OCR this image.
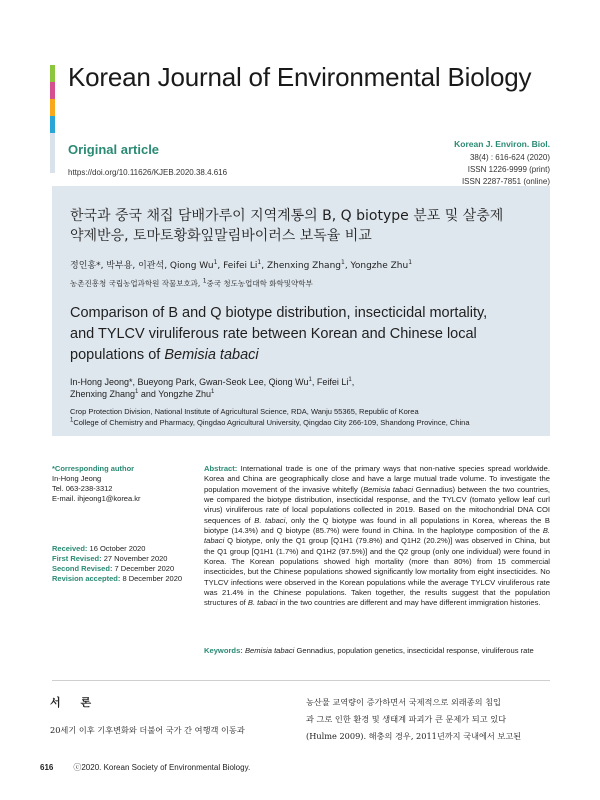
Korean Journal of Environmental Biology
Original article
https://doi.org/10.11626/KJEB.2020.38.4.616
Korean J. Environ. Biol.
38(4) : 616-624 (2020)
ISSN 1226-9999 (print)
ISSN 2287-7851 (online)
한국과 중국 채집 담배가루이 지역계통의 B, Q biotype 분포 및 살충제
약제반응, 토마토황화잎말림바이러스 보독율 비교
정인홍*, 박부용, 이관석, Qiong Wu$^1$, Feifei Li$^1$, Zhenxing Zhang$^1$, Yongzhe Zhu$^1$
농촌진흥청 국립농업과학원 작물보호과, $^1$중국 청도농업대학 화학및약학부
Comparison of B and Q biotype distribution, insecticidal mortality,
and TYLCV viruliferous rate between Korean and Chinese local
populations of Bemisia tabaci
In-Hong Jeong*, Bueyong Park, Gwan-Seok Lee, Qiong Wu$^1$, Feifei Li$^1$,
Zhenxing Zhang$^1$ and Yongzhe Zhu$^1$
Crop Protection Division, National Institute of Agricultural Science, RDA, Wanju 55365, Republic of Korea
$^1$College of Chemistry and Pharmacy, Qingdao Agricultural University, Qingdao City 266-109, Shandong Province, China
*Corresponding author
In-Hong Jeong
Tel. 063-238-3312
E-mail. ihjeong1@korea.kr
Received: 16 October 2020
First Revised: 27 November 2020
Second Revised: 7 December 2020
Revision accepted: 8 December 2020
Abstract: International trade is one of the primary ways that non-native species spread worldwide. Korea and China are geographically close and have a large mutual trade volume. To investigate the population movement of the invasive whitefly (Bemisia tabaci Gennadius) between the two countries, we compared the biotype distribution, insecticidal response, and the TYLCV (tomato yellow leaf curl virus) viruliferous rate of local populations collected in 2019. Based on the mitochondrial DNA COI sequences of B. tabaci, only the Q biotype was found in all populations in Korea, whereas the B biotype (14.3%) and Q biotype (85.7%) were found in China. In the haplotype composition of the B. tabaci Q biotype, only the Q1 group [Q1H1 (79.8%) and Q1H2 (20.2%)] was observed in China, but the Q1 group [Q1H1 (1.7%) and Q1H2 (97.5%)] and the Q2 group (only one individual) were found in Korea. The Korean populations showed high mortality (more than 80%) from 15 commercial insecticides, but the Chinese populations showed significantly low mortality from eight insecticides. No TYLCV infections were observed in the Korean populations while the average TYLCV viruliferous rate was 21.4% in the Chinese populations. Taken together, the results suggest that the population structures of B. tabaci in the two countries are different and may have different immigration histories.
Keywords: Bemisia tabaci Gennadius, population genetics, insecticidal response, viruliferous rate
서 론
20세기 이후 기후변화와 더불어 국가 간 여행객 이동과
농산물 교역량이 증가하면서 국제적으로 외래종의 침입
과 그로 인한 환경 및 생태계 파괴가 큰 문제가 되고 있다
(Hulme 2009). 해충의 경우, 2011년까지 국내에서 보고된
616	ⓒ2020. Korean Society of Environmental Biology.
